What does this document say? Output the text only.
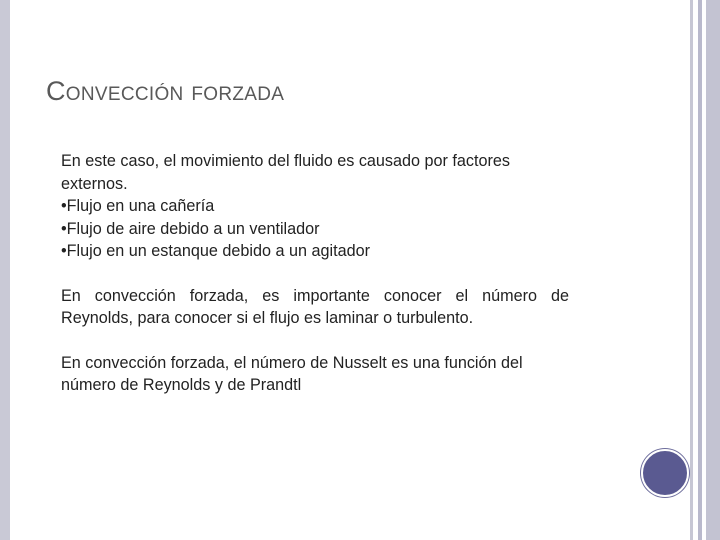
Convección forzada

En este caso, el movimiento del fluido es causado por factores externos.

• Flujo en una cañería
• Flujo de aire debido a un ventilador
• Flujo en un estanque debido a un agitador

En convección forzada, es importante conocer el número de Reynolds, para conocer si el flujo es laminar o turbulento.

En convección forzada, el número de Nusselt es una función del número de Reynolds y de Prandtl
